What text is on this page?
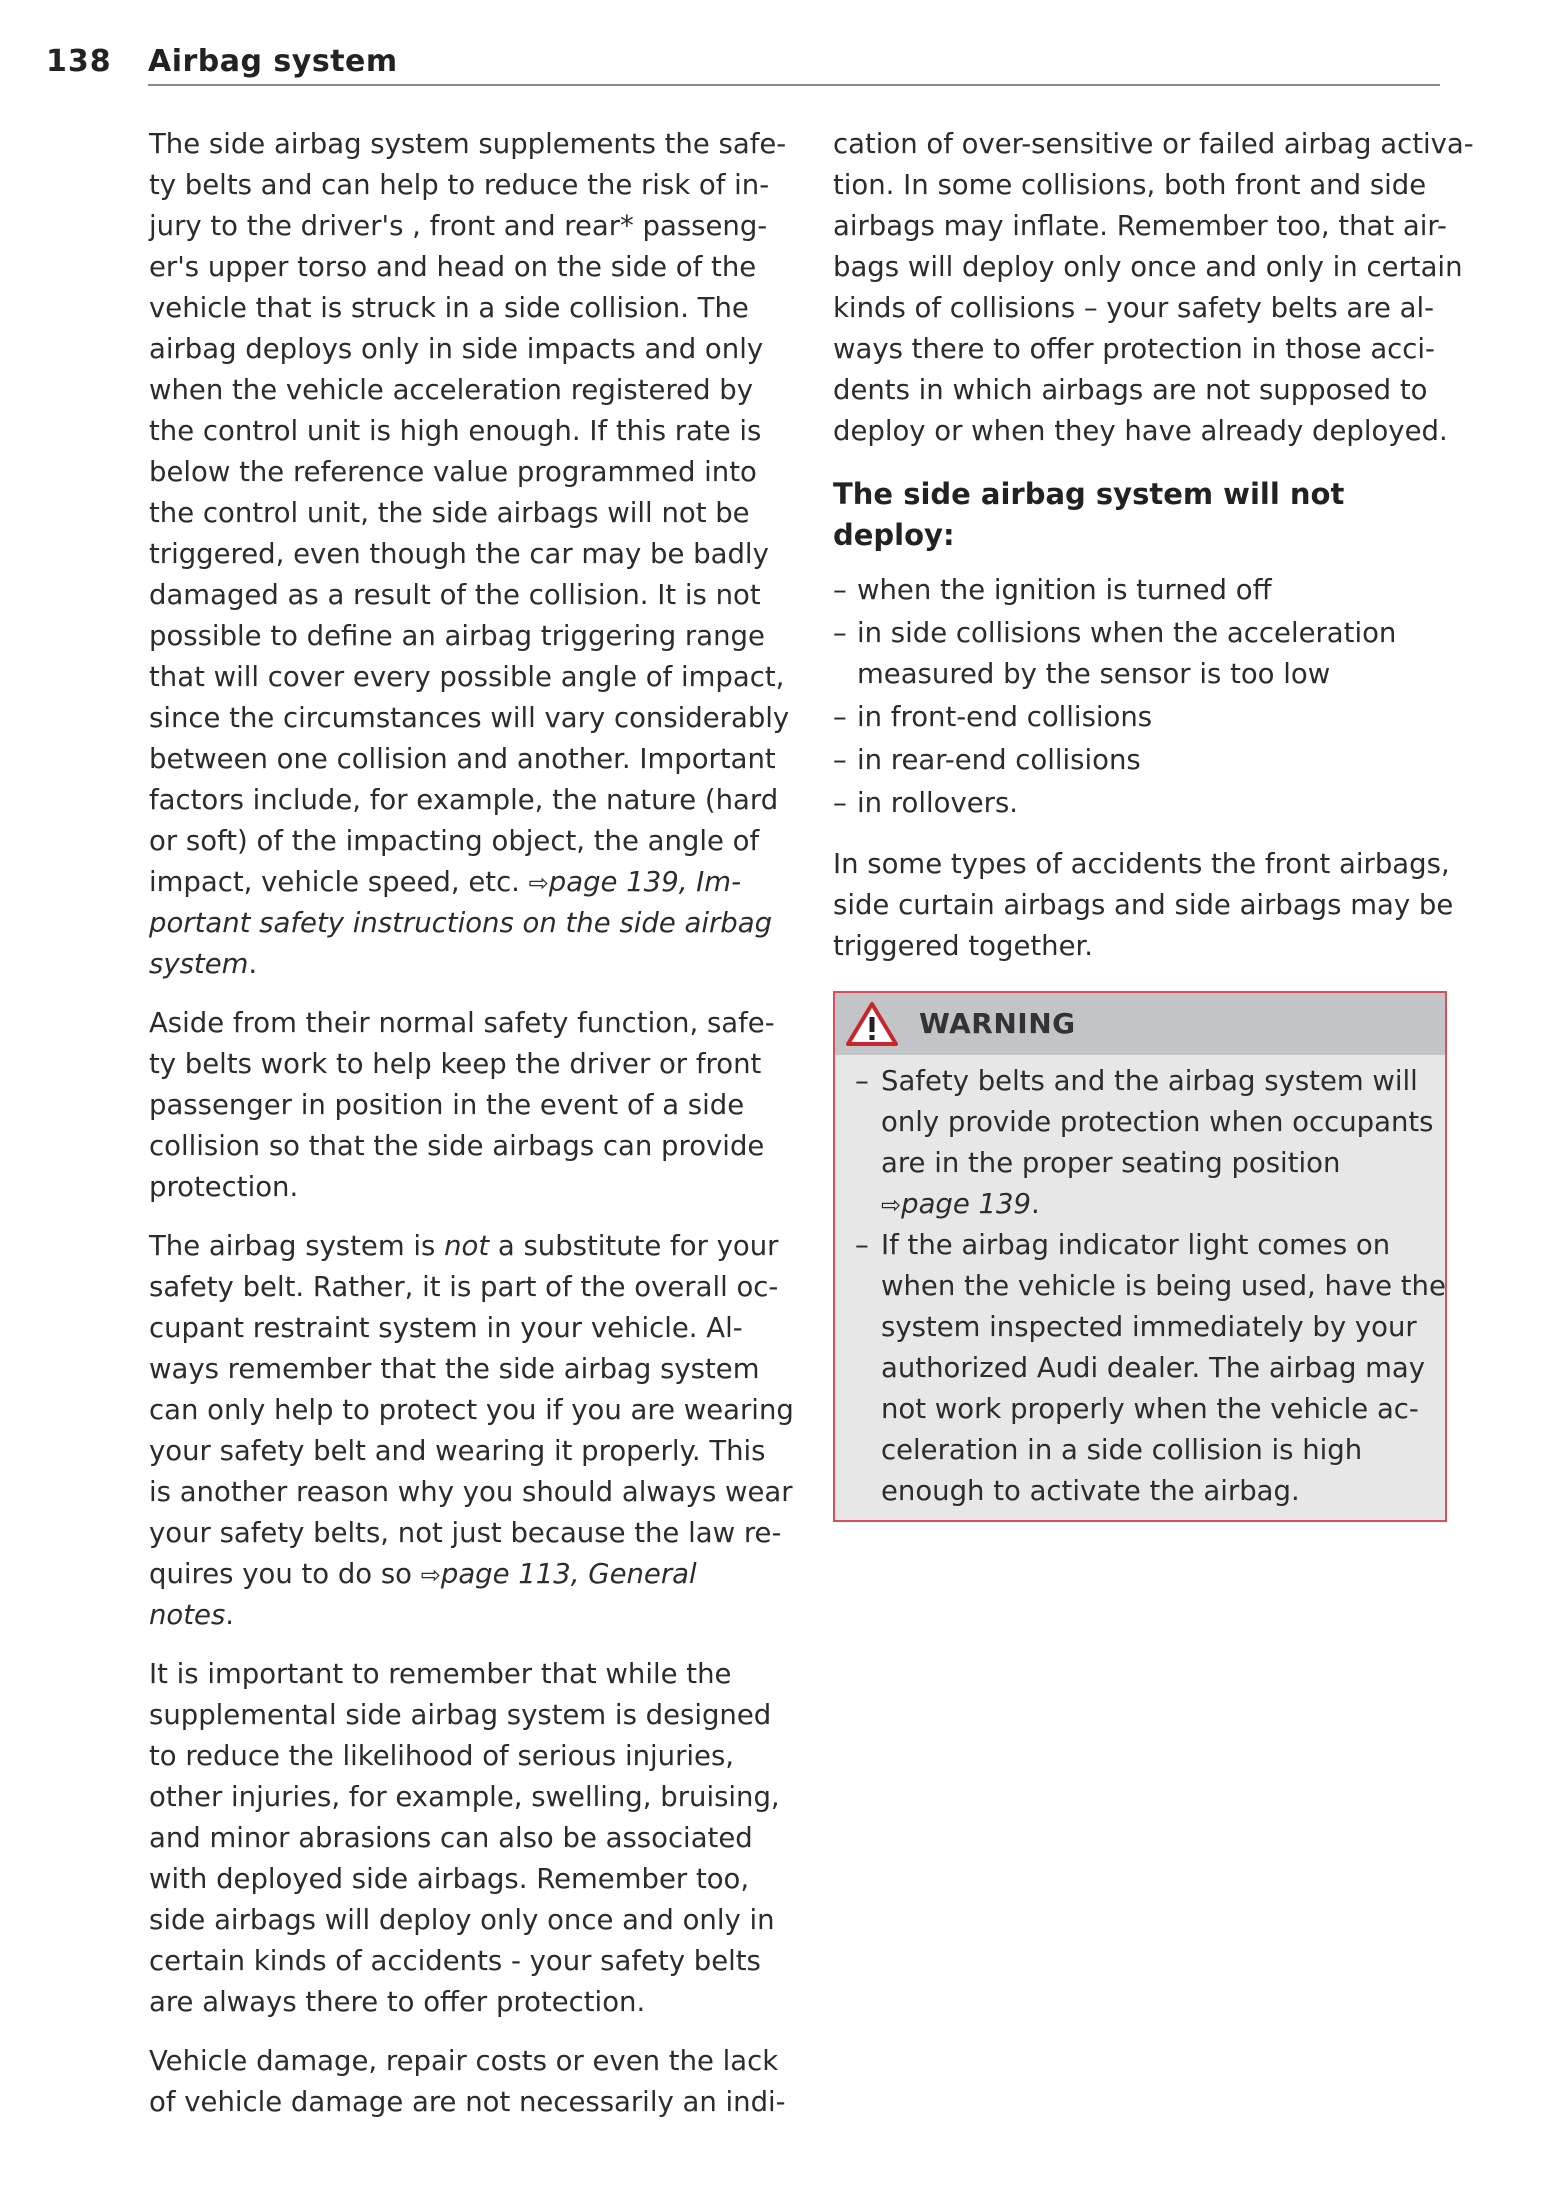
138 Airbag system

The side airbag system supplements the safe-
ty belts and can help to reduce the risk of in-
jury to the driver's , front and rear* passeng-
er's upper torso and head on the side of the
vehicle that is struck in a side collision. The
airbag deploys only in side impacts and only
when the vehicle acceleration registered by
the control unit is high enough. If this rate is
below the reference value programmed into
the control unit, the side airbags will not be
triggered, even though the car may be badly
damaged as a result of the collision. It is not
possible to define an airbag triggering range
that will cover every possible angle of impact,
since the circumstances will vary considerably
between one collision and another. Important
factors include, for example, the nature (hard
or soft) of the impacting object, the angle of
impact, vehicle speed, etc. ⇨page 139, Im-
portant safety instructions on the side airbag
system.

Aside from their normal safety function, safe-
ty belts work to help keep the driver or front
passenger in position in the event of a side
collision so that the side airbags can provide
protection.

The airbag system is not a substitute for your
safety belt. Rather, it is part of the overall oc-
cupant restraint system in your vehicle. Al-
ways remember that the side airbag system
can only help to protect you if you are wearing
your safety belt and wearing it properly. This
is another reason why you should always wear
your safety belts, not just because the law re-
quires you to do so ⇨page 113, General
notes.

It is important to remember that while the
supplemental side airbag system is designed
to reduce the likelihood of serious injuries,
other injuries, for example, swelling, bruising,
and minor abrasions can also be associated
with deployed side airbags. Remember too,
side airbags will deploy only once and only in
certain kinds of accidents - your safety belts
are always there to offer protection.

Vehicle damage, repair costs or even the lack
of vehicle damage are not necessarily an indi-

cation of over-sensitive or failed airbag activa-
tion. In some collisions, both front and side
airbags may inflate. Remember too, that air-
bags will deploy only once and only in certain
kinds of collisions – your safety belts are al-
ways there to offer protection in those acci-
dents in which airbags are not supposed to
deploy or when they have already deployed.

The side airbag system will not deploy:
– when the ignition is turned off
– in side collisions when the acceleration
measured by the sensor is too low
– in front-end collisions
– in rear-end collisions
– in rollovers.

In some types of accidents the front airbags,
side curtain airbags and side airbags may be
triggered together.

WARNING
– Safety belts and the airbag system will
only provide protection when occupants
are in the proper seating position
⇨page 139.
– If the airbag indicator light comes on
when the vehicle is being used, have the
system inspected immediately by your
authorized Audi dealer. The airbag may
not work properly when the vehicle ac-
celeration in a side collision is high
enough to activate the airbag.
